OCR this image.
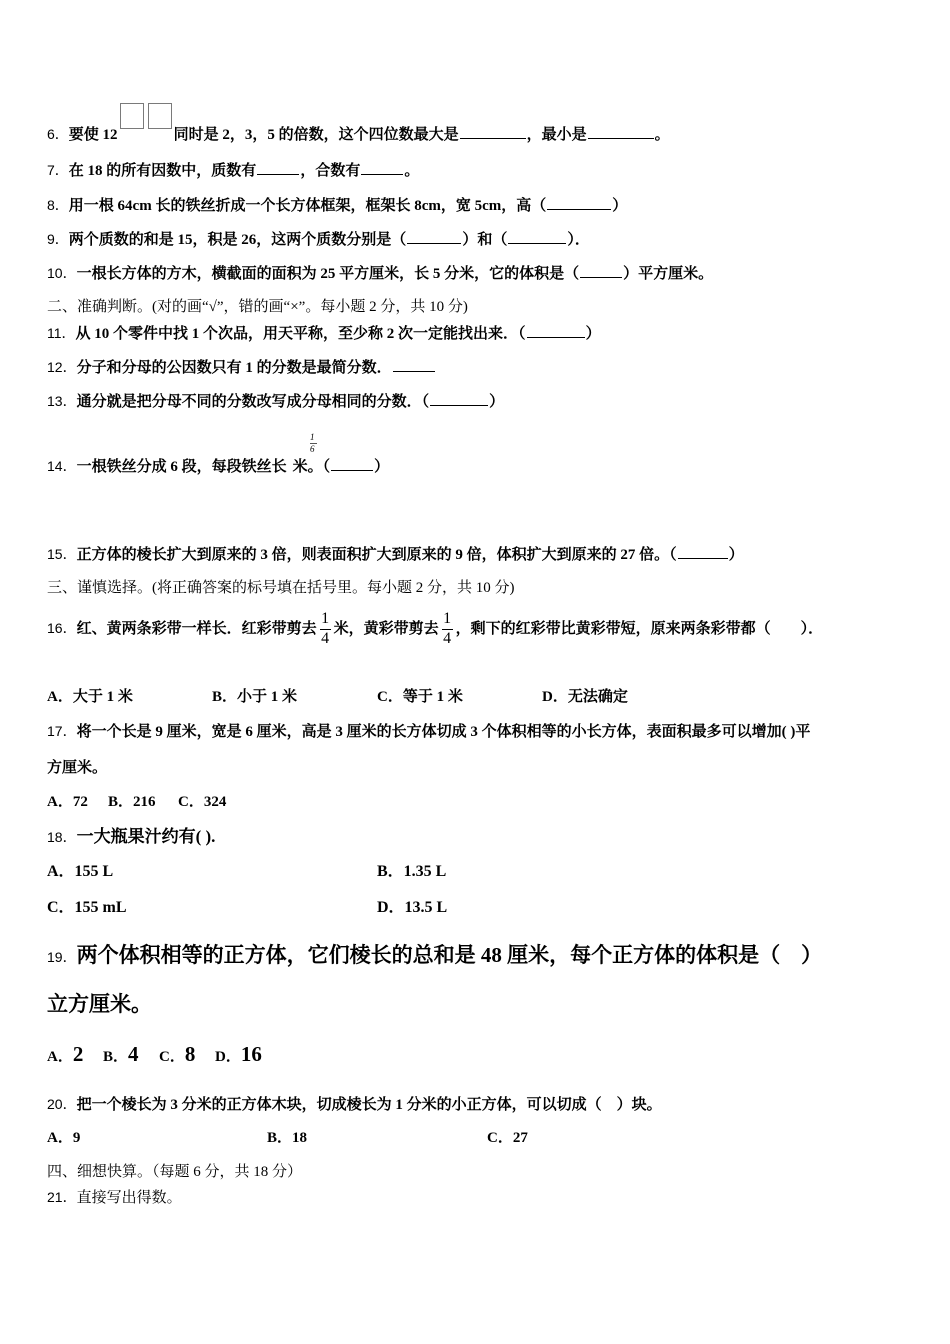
6．要使 12	同时是 2，3，5 的倍数，这个四位数最大是	，最小是	。
7．在 18 的所有因数中，质数有	，合数有	。
8．用一根 64cm 长的铁丝折成一个长方体框架，框架长 8cm，宽 5cm，高（	）
9．两个质数的和是 15，积是 26，这两个质数分别是（	）和（	）．
10．一根长方体的方木，横截面的面积为 25 平方厘米，长 5 分米，它的体积是（	）平方厘米。
二、准确判断。(对的画“√”，错的画“×”。每小题 2 分，共 10 分)
11．从 10 个零件中找 1 个次品，用天平称，至少称 2 次一定能找出来．（	）
12．分子和分母的公因数只有 1 的分数是最简分数．
13．通分就是把分母不同的分数改写成分母相同的分数．（	）
14．一根铁丝分成 6 段，每段铁丝长 米。（	）
1
6
15．正方体的棱长扩大到原来的 3 倍，则表面积扩大到原来的 9 倍，体积扩大到原来的 27 倍。（	）
三、谨慎选择。(将正确答案的标号填在括号里。每小题 2 分，共 10 分)
16．红、黄两条彩带一样长．红彩带剪去 $\frac{1}{4}$ 米，黄彩带剪去 $\frac{1}{4}$ ，剩下的红彩带比黄彩带短，原来两条彩带都（　　）．
A．大于 1 米	B．小于 1 米	C．等于 1 米	D．无法确定
17．将一个长是 9 厘米，宽是 6 厘米，高是 3 厘米的长方体切成 3 个体积相等的小长方体，表面积最多可以增加( )平
方厘米。
A．72 B．216 C．324
18．一大瓶果汁约有( ).
A．155 L	B．1.35 L
C．155 mL	D．13.5 L
19．两个体积相等的正方体，它们棱长的总和是 48 厘米，每个正方体的体积是（　）
立方厘米。
A．2 B．4 C．8 D．16
20．把一个棱长为 3 分米的正方体木块，切成棱长为 1 分米的小正方体，可以切成（　）块。
A．9	B．18	C．27
四、细想快算。（每题 6 分，共 18 分）
21．直接写出得数。
